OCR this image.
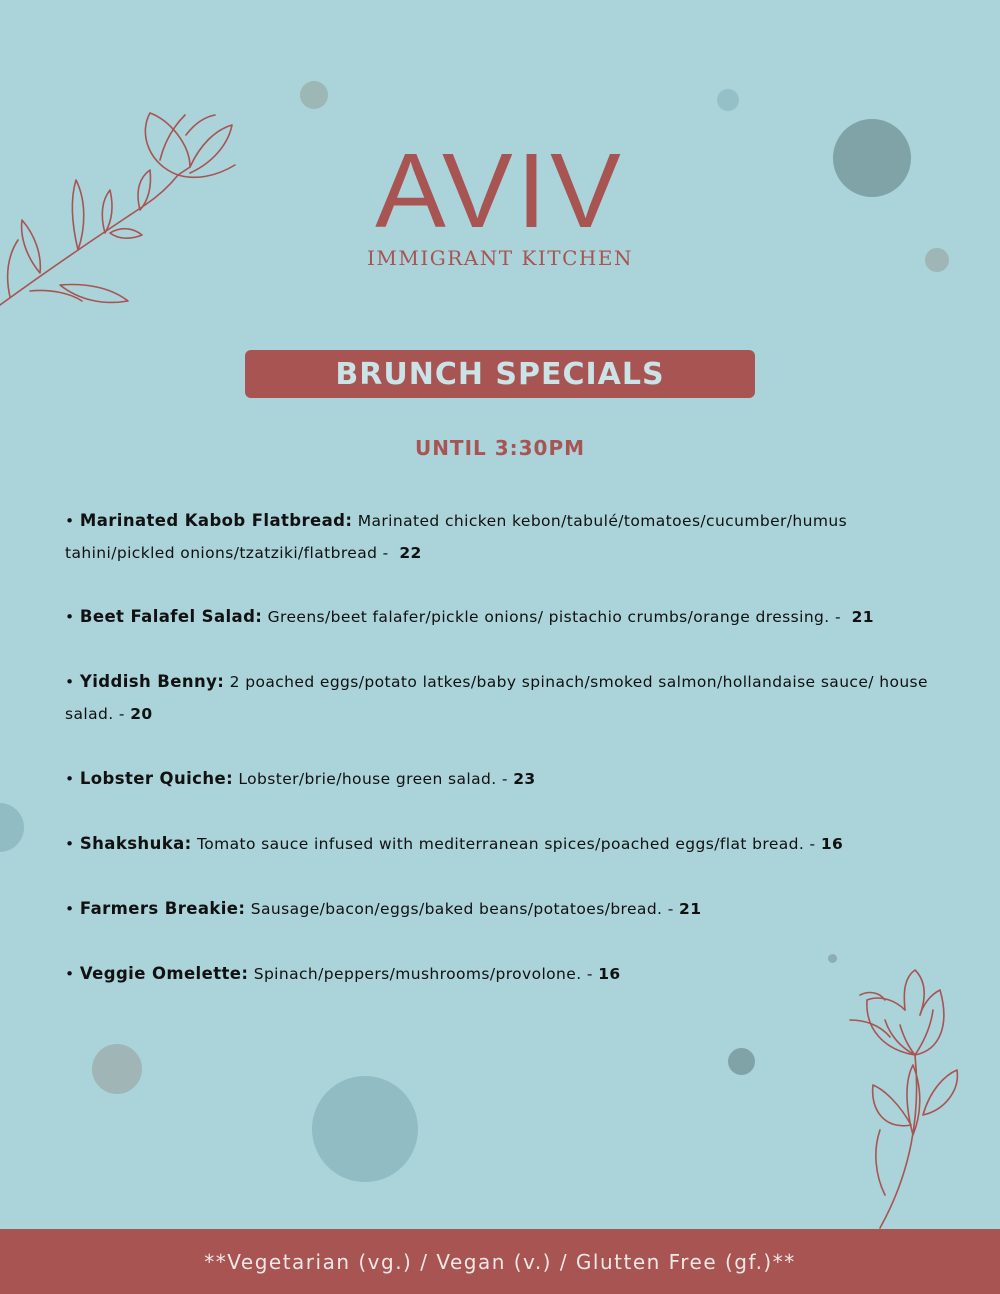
AVIV
IMMIGRANT KITCHEN
BRUNCH SPECIALS
UNTIL 3:30PM

• Marinated Kabob Flatbread: Marinated chicken kebon/tabulé/tomatoes/cucumber/humus tahini/pickled onions/tzatziki/flatbread - 22

• Beet Falafel Salad: Greens/beet falafer/pickle onions/ pistachio crumbs/orange dressing. - 21

• Yiddish Benny: 2 poached eggs/potato latkes/baby spinach/smoked salmon/hollandaise sauce/ house salad. - 20

• Lobster Quiche: Lobster/brie/house green salad. - 23

• Shakshuka: Tomato sauce infused with mediterranean spices/poached eggs/flat bread. - 16

• Farmers Breakie: Sausage/bacon/eggs/baked beans/potatoes/bread. - 21

• Veggie Omelette: Spinach/peppers/mushrooms/provolone. - 16

**Vegetarian (vg.) / Vegan (v.) / Glutten Free (gf.)**
